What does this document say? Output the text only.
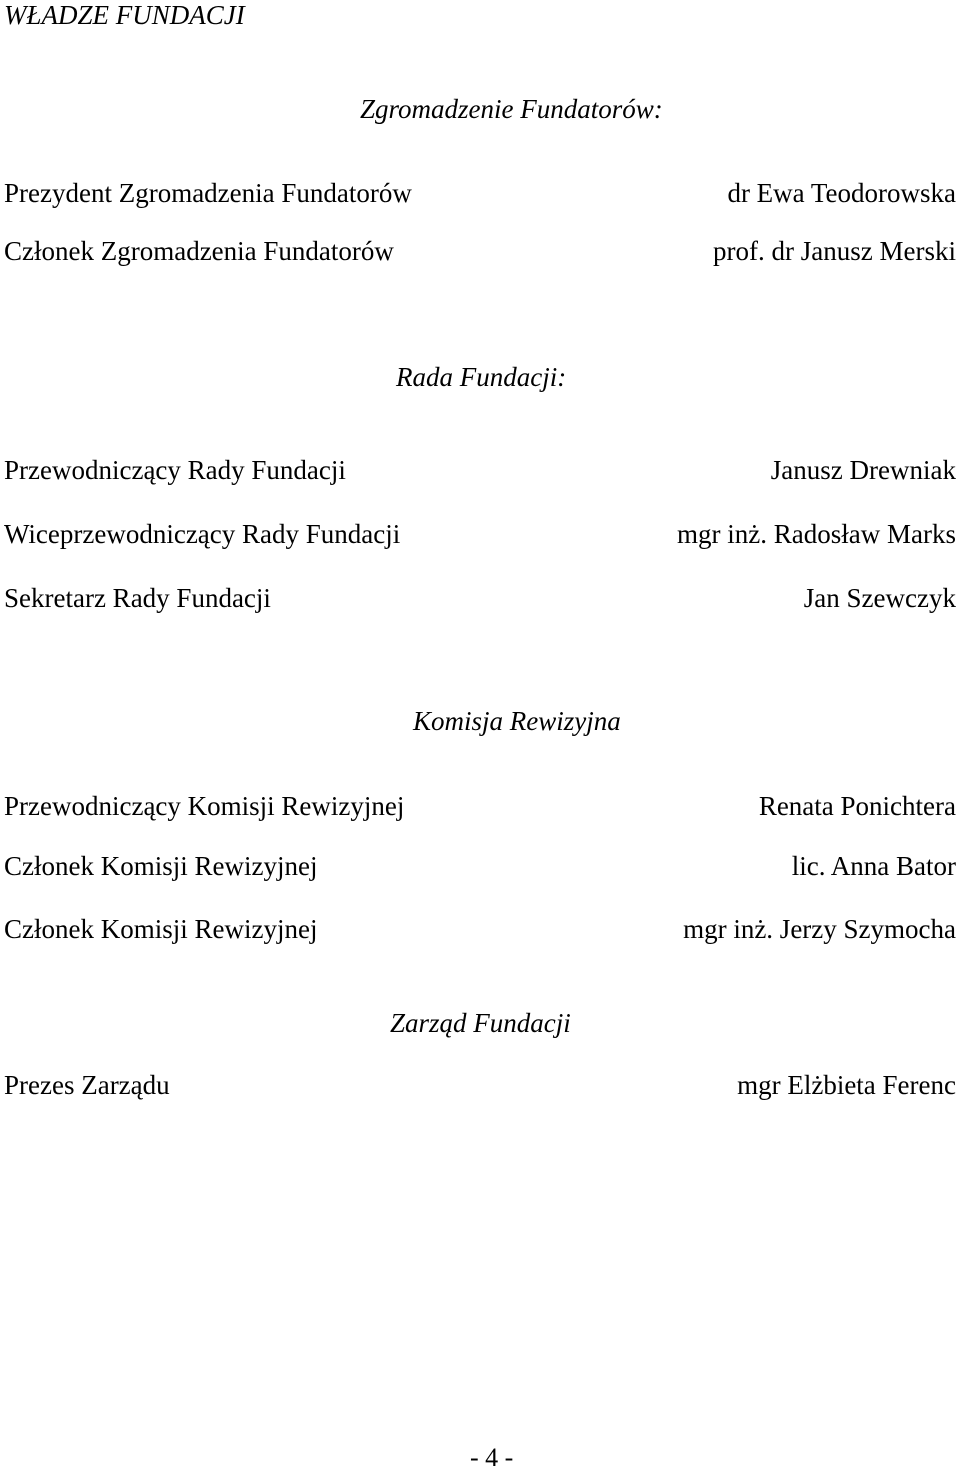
WŁADZE FUNDACJI
Zgromadzenie Fundatorów:
Prezydent Zgromadzenia Fundatorów	dr Ewa Teodorowska
Członek Zgromadzenia Fundatorów	prof. dr Janusz Merski
Rada Fundacji:
Przewodniczący Rady Fundacji	Janusz Drewniak
Wiceprzewodniczący Rady Fundacji	mgr inż. Radosław Marks
Sekretarz Rady Fundacji	Jan Szewczyk
Komisja Rewizyjna
Przewodniczący Komisji Rewizyjnej	Renata Ponichtera
Członek Komisji Rewizyjnej	lic. Anna Bator
Członek Komisji Rewizyjnej	mgr inż. Jerzy Szymocha
Zarząd Fundacji
Prezes Zarządu	mgr Elżbieta Ferenc
- 4 -
